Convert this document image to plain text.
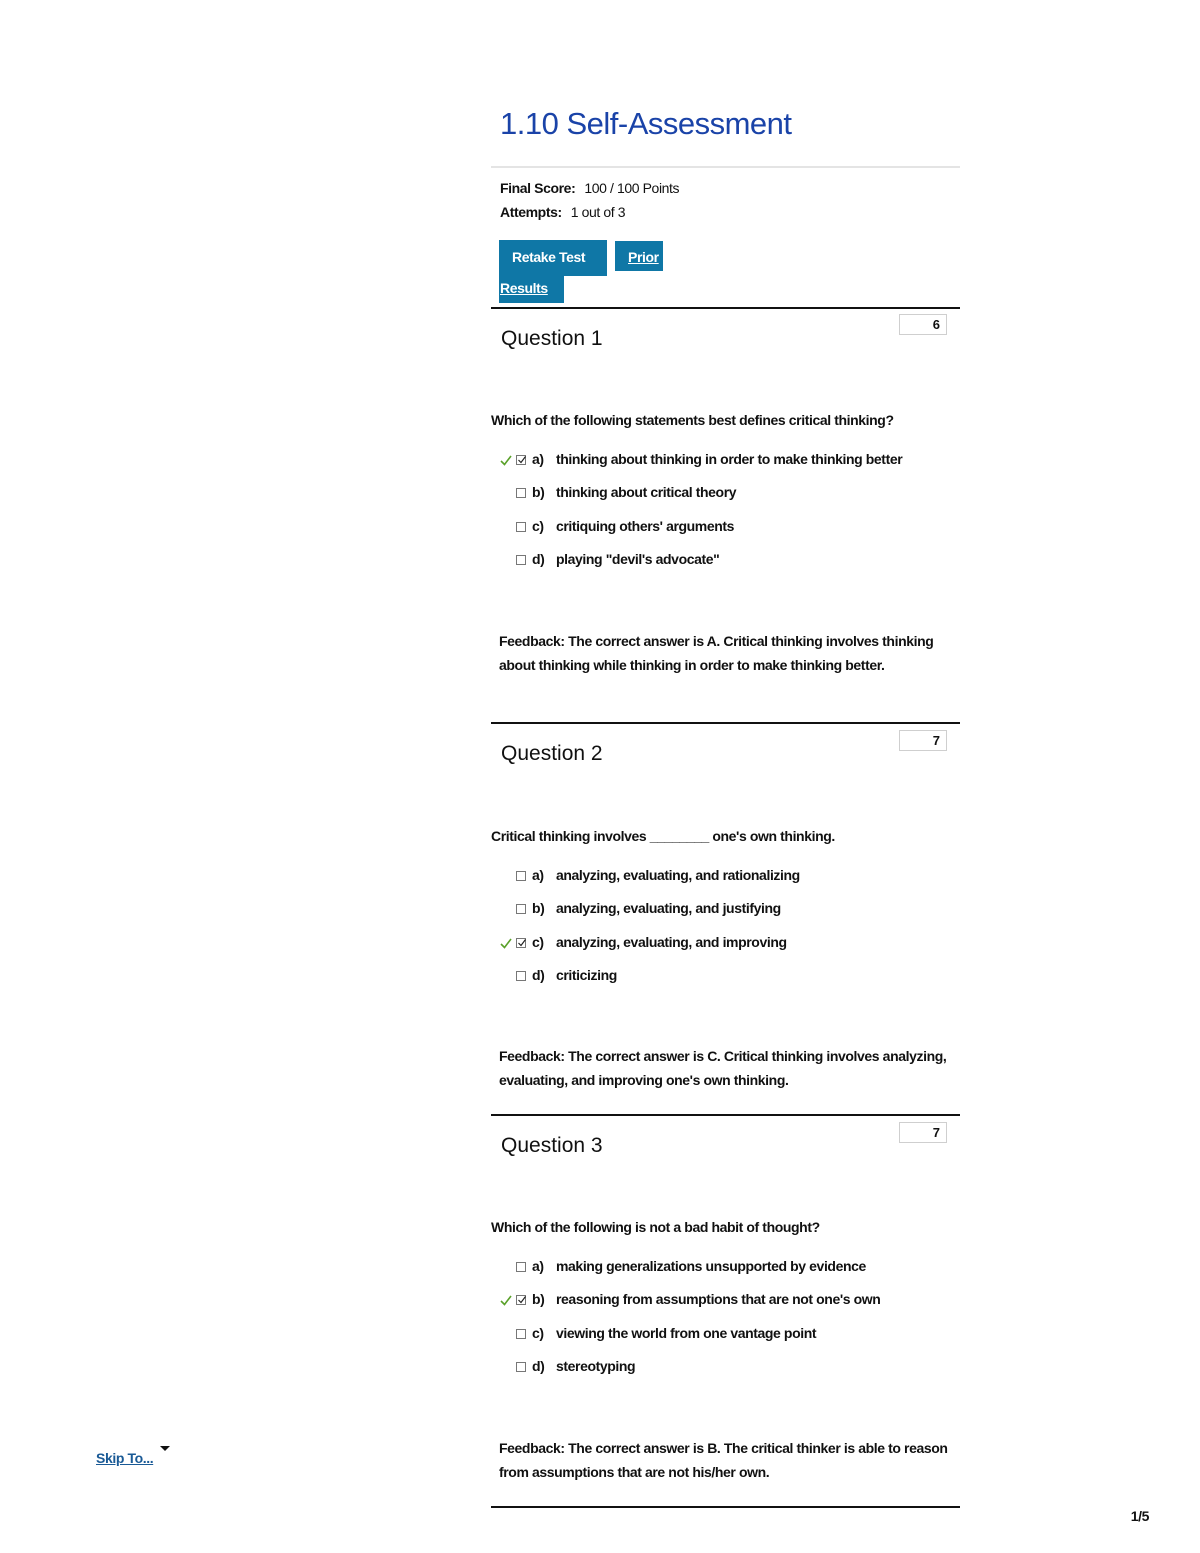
1.10 Self-Assessment
Final Score: 100 / 100 Points
Attempts: 1 out of 3
Retake Test	Prior
Results
Question 1
6

Which of the following statements best defines critical thinking?

a) thinking about thinking in order to make thinking better
b) thinking about critical theory
c) critiquing others' arguments
d) playing "devil's advocate"

Feedback: The correct answer is A. Critical thinking involves thinking about thinking while thinking in order to make thinking better.

Question 2
7

Critical thinking involves ________ one's own thinking.

a) analyzing, evaluating, and rationalizing
b) analyzing, evaluating, and justifying
c) analyzing, evaluating, and improving
d) criticizing

Feedback: The correct answer is C. Critical thinking involves analyzing, evaluating, and improving one's own thinking.

Question 3
7

Which of the following is not a bad habit of thought?

a) making generalizations unsupported by evidence
b) reasoning from assumptions that are not one's own
c) viewing the world from one vantage point
d) stereotyping

Feedback: The correct answer is B. The critical thinker is able to reason from assumptions that are not his/her own.

Skip To...
1/5
